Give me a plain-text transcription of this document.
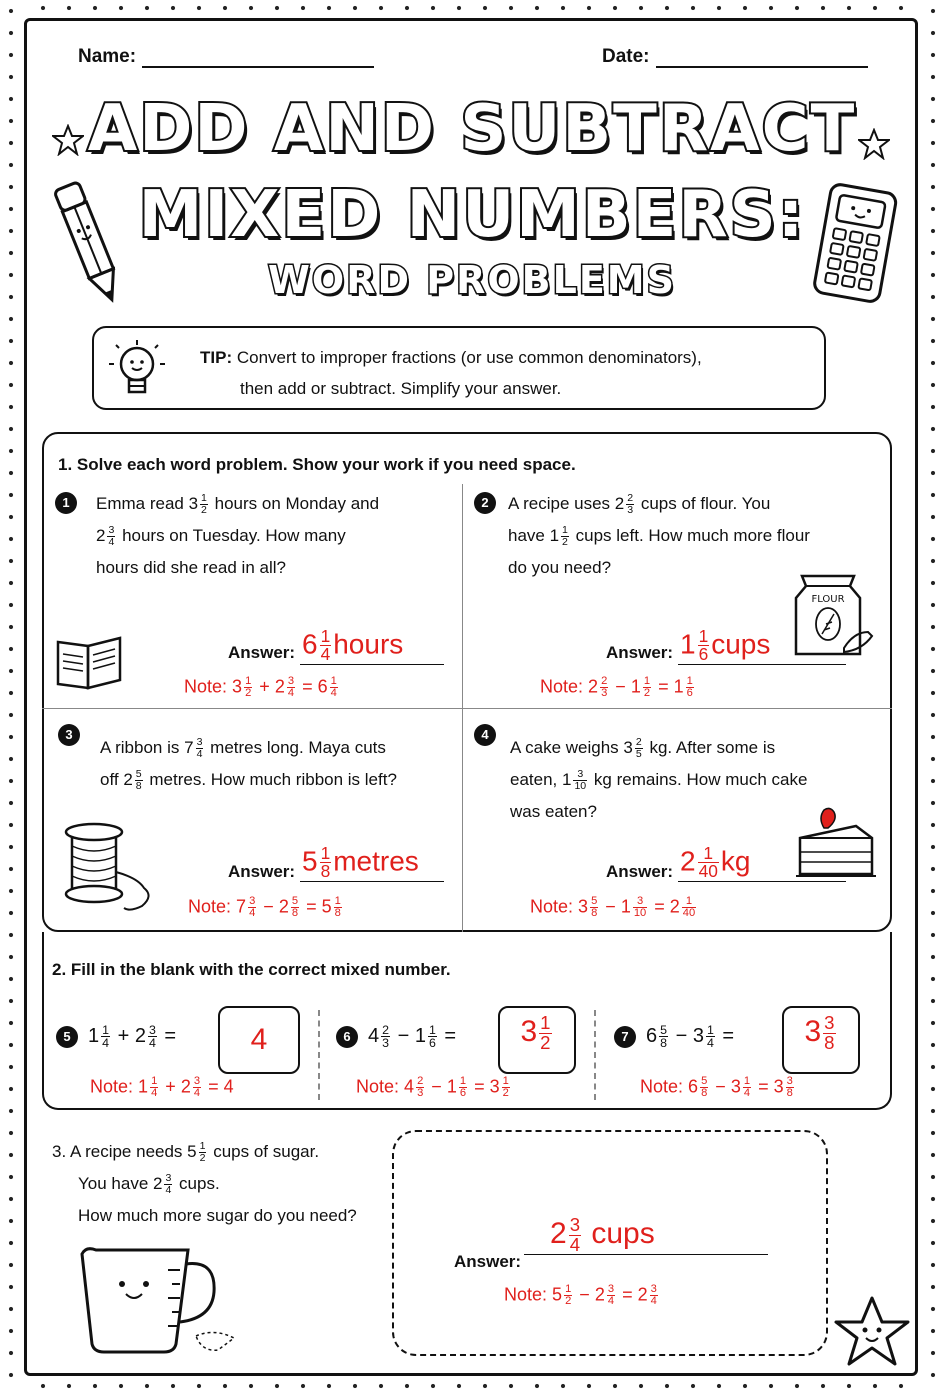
Name:	Date:
ADD AND SUBTRACT
MIXED NUMBERS:
WORD PROBLEMS
TIP: Convert to improper fractions (or use common denominators),
then add or subtract. Simplify your answer.
1. Solve each word problem. Show your work if you need space.
1	Emma read $3 \frac{1}{2}$ hours on Monday and
$2 \frac{3}{4}$ hours on Tuesday. How many
hours did she read in all?
Answer: $6 \frac{1}{4}$ hours
Note: $3 \frac{1}{2} + 2 \frac{3}{4} = 6 \frac{1}{4}$
2	A recipe uses $2 \frac{2}{3}$ cups of flour. You
have $1 \frac{1}{2}$ cups left. How much more flour
do you need?
FLOUR
Answer: $1 \frac{1}{6}$ cups
Note: $2 \frac{2}{3} - 1 \frac{1}{2} = 1 \frac{1}{6}$
3
A ribbon is $7 \frac{3}{4}$ metres long. Maya cuts
off $2 \frac{5}{8}$ metres. How much ribbon is left?
Answer: $5 \frac{1}{8}$ metres
Note: $7 \frac{3}{4} - 2 \frac{5}{8} = 5 \frac{1}{8}$
4
A cake weighs $3 \frac{2}{5}$ kg. After some is
eaten, $1 \frac{3}{10}$ kg remains. How much cake
was eaten?
Answer: $2 \frac{1}{40}$ kg
Note: $3 \frac{5}{8} - 1 \frac{3}{10} = 2 \frac{1}{40}$
2. Fill in the blank with the correct mixed number.
5 $1 \frac{1}{4} + 2 \frac{3}{4}$ =	4
Note: $1 \frac{1}{4} + 2 \frac{3}{4} = 4$
6 $4 \frac{2}{3} - 1 \frac{1}{6}$ =	$3 \frac{1}{2}$
Note: $4 \frac{2}{3} - 1 \frac{1}{6} = 3 \frac{1}{2}$
7 $6 \frac{5}{8} - 3 \frac{1}{4}$ =	$3 \frac{3}{8}$
Note: $6 \frac{5}{8} - 3 \frac{1}{4} = 3 \frac{3}{8}$
3. A recipe needs $5 \frac{1}{2}$ cups of sugar.
You have $2 \frac{3}{4}$ cups.
How much more sugar do you need?
Answer:
$2 \frac{3}{4}$ cups
Note: $5 \frac{1}{2} - 2 \frac{3}{4} = 2 \frac{3}{4}$
